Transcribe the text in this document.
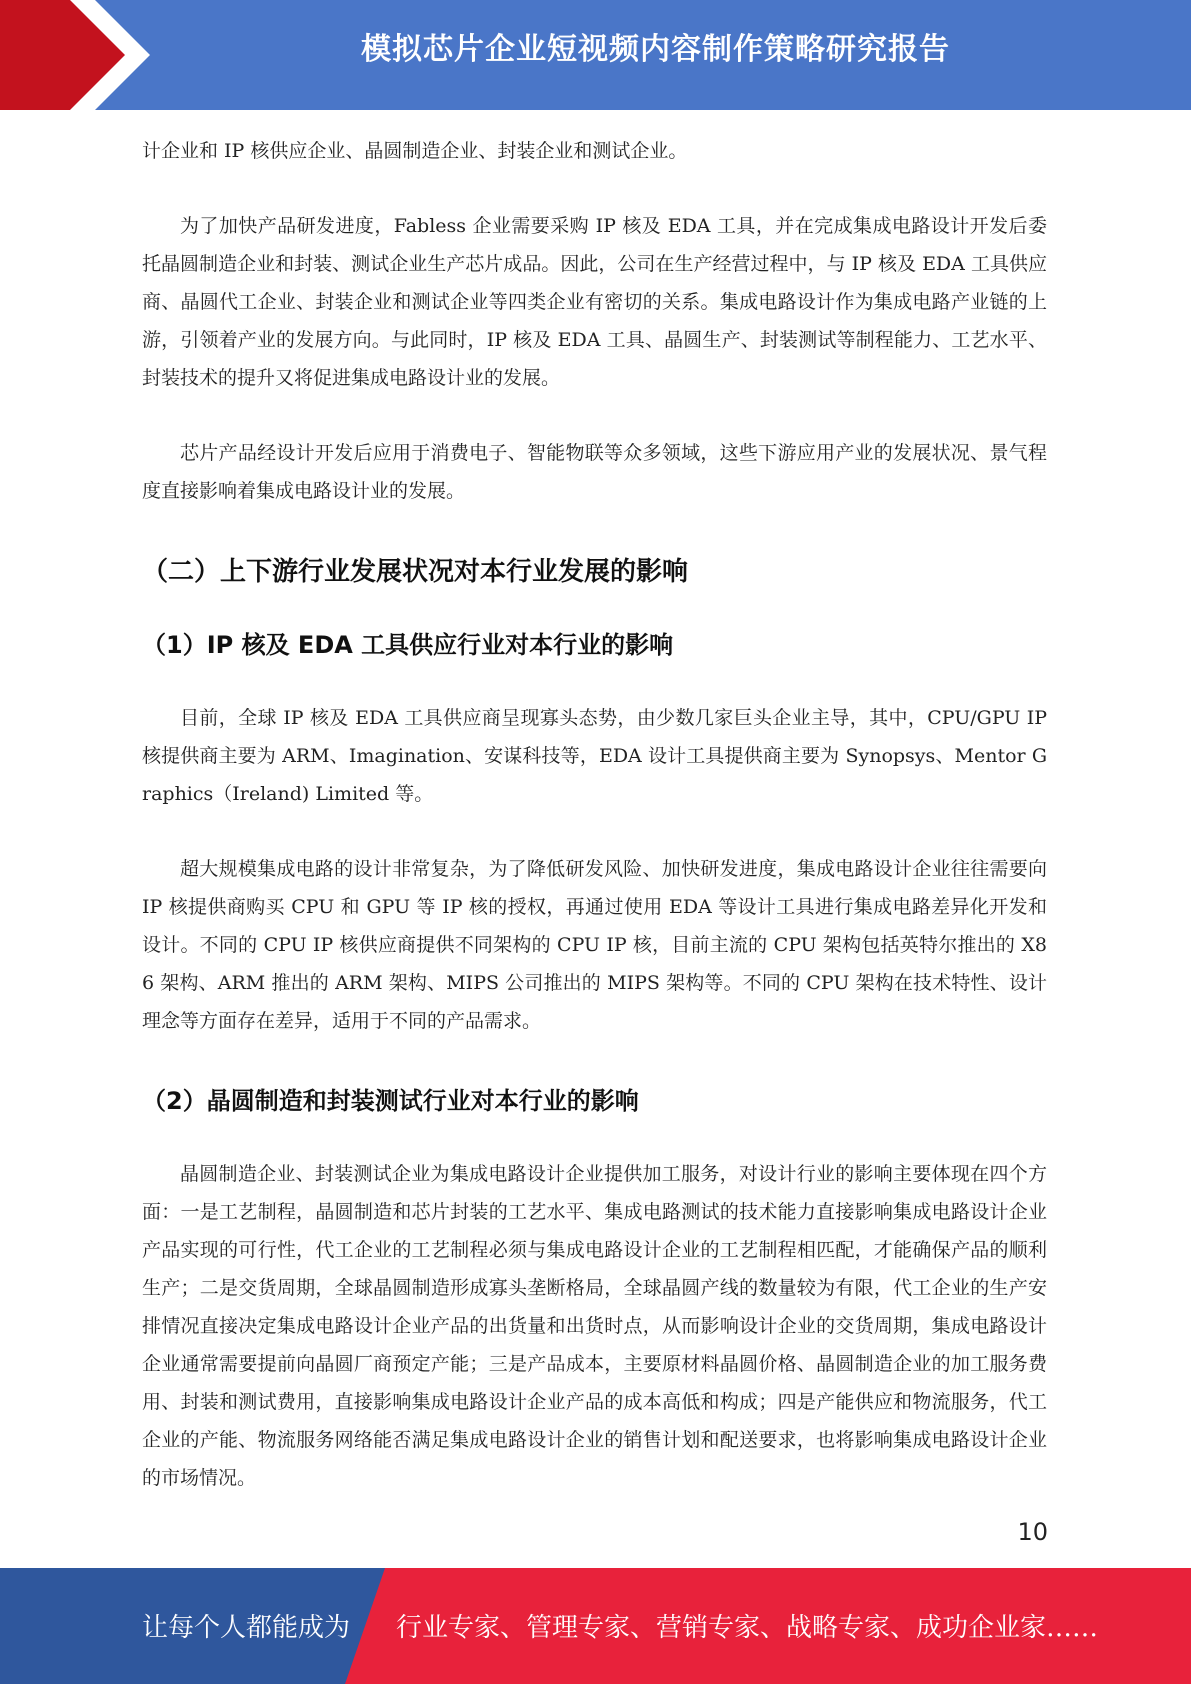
模拟芯片企业短视频内容制作策略研究报告

计企业和 IP 核供应企业、晶圆制造企业、封装企业和测试企业。

为了加快产品研发进度，Fabless 企业需要采购 IP 核及 EDA 工具，并在完成集成电路设计开发后委托晶圆制造企业和封装、测试企业生产芯片成品。因此，公司在生产经营过程中，与 IP 核及 EDA 工具供应商、晶圆代工企业、封装企业和测试企业等四类企业有密切的关系。集成电路设计作为集成电路产业链的上游，引领着产业的发展方向。与此同时，IP 核及 EDA 工具、晶圆生产、封装测试等制程能力、工艺水平、封装技术的提升又将促进集成电路设计业的发展。

芯片产品经设计开发后应用于消费电子、智能物联等众多领域，这些下游应用产业的发展状况、景气程度直接影响着集成电路设计业的发展。

（二）上下游行业发展状况对本行业发展的影响
（1）IP 核及 EDA 工具供应行业对本行业的影响

目前，全球 IP 核及 EDA 工具供应商呈现寡头态势，由少数几家巨头企业主导，其中，CPU/GPU IP 核提供商主要为 ARM、Imagination、安谋科技等，EDA 设计工具提供商主要为 Synopsys、Mentor Graphics（Ireland) Limited 等。

超大规模集成电路的设计非常复杂，为了降低研发风险、加快研发进度，集成电路设计企业往往需要向 IP 核提供商购买 CPU 和 GPU 等 IP 核的授权，再通过使用 EDA 等设计工具进行集成电路差异化开发和设计。不同的 CPU IP 核供应商提供不同架构的 CPU IP 核，目前主流的 CPU 架构包括英特尔推出的 X86 架构、ARM 推出的 ARM 架构、MIPS 公司推出的 MIPS 架构等。不同的 CPU 架构在技术特性、设计理念等方面存在差异，适用于不同的产品需求。

（2）晶圆制造和封装测试行业对本行业的影响

晶圆制造企业、封装测试企业为集成电路设计企业提供加工服务，对设计行业的影响主要体现在四个方面：一是工艺制程，晶圆制造和芯片封装的工艺水平、集成电路测试的技术能力直接影响集成电路设计企业产品实现的可行性，代工企业的工艺制程必须与集成电路设计企业的工艺制程相匹配，才能确保产品的顺利生产；二是交货周期，全球晶圆制造形成寡头垄断格局，全球晶圆产线的数量较为有限，代工企业的生产安排情况直接决定集成电路设计企业产品的出货量和出货时点，从而影响设计企业的交货周期，集成电路设计企业通常需要提前向晶圆厂商预定产能；三是产品成本，主要原材料晶圆价格、晶圆制造企业的加工服务费用、封装和测试费用，直接影响集成电路设计企业产品的成本高低和构成；四是产能供应和物流服务，代工企业的产能、物流服务网络能否满足集成电路设计企业的销售计划和配送要求，也将影响集成电路设计企业的市场情况。

10
让每个人都能成为 行业专家、管理专家、营销专家、战略专家、成功企业家……
